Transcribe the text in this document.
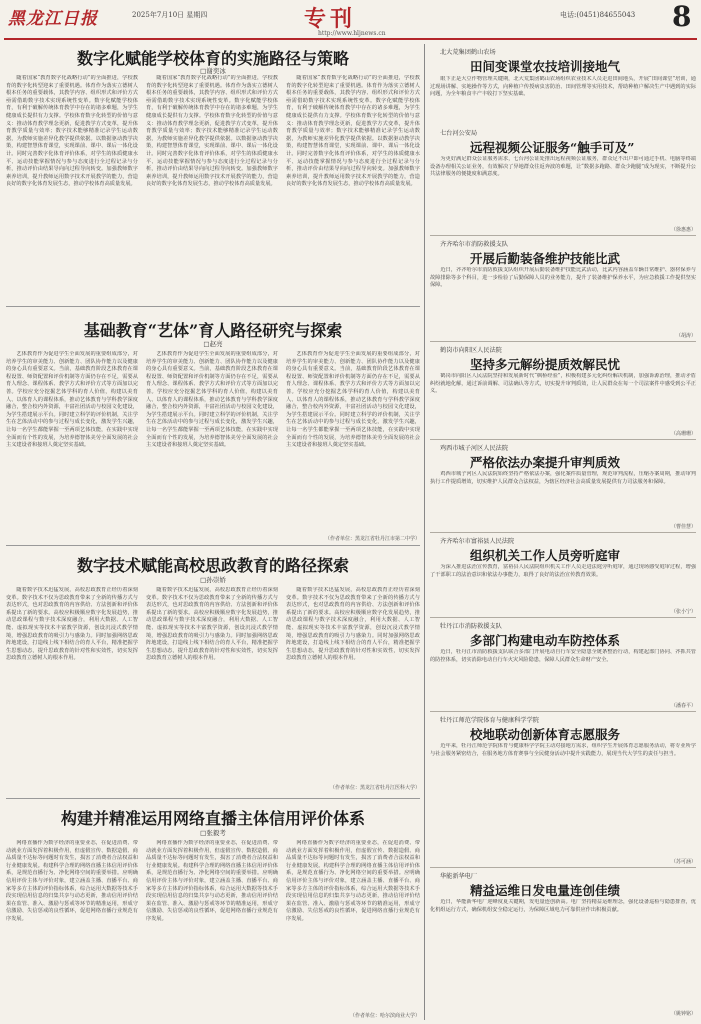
黑龙江日报	2025年7月10日 星期四	专刊
http://www.hljnews.cn
电话:(0451)84655043 8
数字化赋能学校体育的实施路径与策略
□谢奕冰
随着国家“教育数字化战略行动”的全面推进，学校教育的数字化转型迎来了重要机遇。体育作为落实立德树人根本任务的重要载体，其教学内容、组织形式和评价方式亟需借助数字技术实现系统性变革。数字化赋能学校体育，有利于破解传统体育教学中存在的诸多难题，为学生健康成长提供有力支撑。学校体育数字化转型的价值与意义：推动体育教学理念更新，促进教学方式变革，提升体育教学质量与效率；数字技术能够精准记录学生运动数据，为教师实施差异化教学提供依据。以数据驱动教学决策，构建智慧体育课堂，实现课前、课中、课后一体化设计。同时完善数字化体育评价体系，对学生的体质健康水平、运动技能掌握情况与参与态度进行全过程记录与分析，推动评价由结果导向向过程导向转变。加强教师数字素养培训，提升教师运用数字技术开展教学的能力，营造良好的数字化体育发展生态，推动学校体育高质量发展。
随着国家“教育数字化战略行动”的全面推进，学校教育的数字化转型迎来了重要机遇。体育作为落实立德树人根本任务的重要载体，其教学内容、组织形式和评价方式亟需借助数字技术实现系统性变革。数字化赋能学校体育，有利于破解传统体育教学中存在的诸多难题，为学生健康成长提供有力支撑。学校体育数字化转型的价值与意义：推动体育教学理念更新，促进教学方式变革，提升体育教学质量与效率；数字技术能够精准记录学生运动数据，为教师实施差异化教学提供依据。以数据驱动教学决策，构建智慧体育课堂，实现课前、课中、课后一体化设计。同时完善数字化体育评价体系，对学生的体质健康水平、运动技能掌握情况与参与态度进行全过程记录与分析，推动评价由结果导向向过程导向转变。加强教师数字素养培训，提升教师运用数字技术开展教学的能力，营造良好的数字化体育发展生态，推动学校体育高质量发展。
随着国家“教育数字化战略行动”的全面推进，学校教育的数字化转型迎来了重要机遇。体育作为落实立德树人根本任务的重要载体，其教学内容、组织形式和评价方式亟需借助数字技术实现系统性变革。数字化赋能学校体育，有利于破解传统体育教学中存在的诸多难题，为学生健康成长提供有力支撑。学校体育数字化转型的价值与意义：推动体育教学理念更新，促进教学方式变革，提升体育教学质量与效率；数字技术能够精准记录学生运动数据，为教师实施差异化教学提供依据。以数据驱动教学决策，构建智慧体育课堂，实现课前、课中、课后一体化设计。同时完善数字化体育评价体系，对学生的体质健康水平、运动技能掌握情况与参与态度进行全过程记录与分析，推动评价由结果导向向过程导向转变。加强教师数字素养培训，提升教师运用数字技术开展教学的能力，营造良好的数字化体育发展生态，推动学校体育高质量发展。
基础教育“艺体”育人路径研究与探索
□赵亮
艺体教育作为促进学生全面发展的重要组成部分，对培养学生的审美能力、创新能力、团队协作能力以及健康的身心具有重要意义。当前，基础教育阶段艺体教育在课程设置、师资配置和评价机制等方面仍存在不足，需要从育人理念、课程体系、教学方式和评价方式等方面加以完善。学校应充分挖掘艺体学科的育人价值，构建以美育人、以体育人的课程体系，推动艺体教育与学科教学深度融合，整合校内外资源，丰富社团活动与校园文化建设，为学生搭建展示平台。同时建立科学的评价机制，关注学生在艺体活动中的参与过程与成长变化，激发学生兴趣，让每一名学生都能掌握一至两项艺体技能，在实践中实现全面而有个性的发展，为培养德智体美劳全面发展的社会主义建设者和接班人奠定坚实基础。
艺体教育作为促进学生全面发展的重要组成部分，对培养学生的审美能力、创新能力、团队协作能力以及健康的身心具有重要意义。当前，基础教育阶段艺体教育在课程设置、师资配置和评价机制等方面仍存在不足，需要从育人理念、课程体系、教学方式和评价方式等方面加以完善。学校应充分挖掘艺体学科的育人价值，构建以美育人、以体育人的课程体系，推动艺体教育与学科教学深度融合，整合校内外资源，丰富社团活动与校园文化建设，为学生搭建展示平台。同时建立科学的评价机制，关注学生在艺体活动中的参与过程与成长变化，激发学生兴趣，让每一名学生都能掌握一至两项艺体技能，在实践中实现全面而有个性的发展，为培养德智体美劳全面发展的社会主义建设者和接班人奠定坚实基础。
艺体教育作为促进学生全面发展的重要组成部分，对培养学生的审美能力、创新能力、团队协作能力以及健康的身心具有重要意义。当前，基础教育阶段艺体教育在课程设置、师资配置和评价机制等方面仍存在不足，需要从育人理念、课程体系、教学方式和评价方式等方面加以完善。学校应充分挖掘艺体学科的育人价值，构建以美育人、以体育人的课程体系，推动艺体教育与学科教学深度融合，整合校内外资源，丰富社团活动与校园文化建设，为学生搭建展示平台。同时建立科学的评价机制，关注学生在艺体活动中的参与过程与成长变化，激发学生兴趣，让每一名学生都能掌握一至两项艺体技能，在实践中实现全面而有个性的发展，为培养德智体美劳全面发展的社会主义建设者和接班人奠定坚实基础。
（作者单位：黑龙江省牡丹江市第二中学）
数字技术赋能高校思政教育的路径探索
□孙崇娇
随着数字技术迅猛发展，高校思政教育正经历着深刻变革。数字技术不仅为思政教育带来了全新的传播方式与表达形式，也对思政教育的内容供给、方法创新和评价体系提出了新的要求。高校应积极顺应数字化发展趋势，推动思政课程与数字技术深度融合，利用大数据、人工智能、虚拟现实等技术丰富教学资源，创设沉浸式教学情境，增强思政教育的吸引力与感染力。同时加强网络思政阵地建设，打造线上线下相结合的育人平台，精准把握学生思想动态，提升思政教育的针对性和实效性，切实发挥思政教育立德树人的根本作用。
随着数字技术迅猛发展，高校思政教育正经历着深刻变革。数字技术不仅为思政教育带来了全新的传播方式与表达形式，也对思政教育的内容供给、方法创新和评价体系提出了新的要求。高校应积极顺应数字化发展趋势，推动思政课程与数字技术深度融合，利用大数据、人工智能、虚拟现实等技术丰富教学资源，创设沉浸式教学情境，增强思政教育的吸引力与感染力。同时加强网络思政阵地建设，打造线上线下相结合的育人平台，精准把握学生思想动态，提升思政教育的针对性和实效性，切实发挥思政教育立德树人的根本作用。
随着数字技术迅猛发展，高校思政教育正经历着深刻变革。数字技术不仅为思政教育带来了全新的传播方式与表达形式，也对思政教育的内容供给、方法创新和评价体系提出了新的要求。高校应积极顺应数字化发展趋势，推动思政课程与数字技术深度融合，利用大数据、人工智能、虚拟现实等技术丰富教学资源，创设沉浸式教学情境，增强思政教育的吸引力与感染力。同时加强网络思政阵地建设，打造线上线下相结合的育人平台，精准把握学生思想动态，提升思政教育的针对性和实效性，切实发挥思政教育立德树人的根本作用。
（作者单位：黑龙江省牡丹江医科大学）
构建并精准运用网络直播主体信用评价体系
□张毅考
网络直播作为数字经济的重要业态，在促进消费、带动就业方面发挥着积极作用，但虚假宣传、数据造假、商品质量不达标等问题时有发生，损害了消费者合法权益和行业健康发展。构建科学合理的网络直播主体信用评价体系，是规范直播行为、净化网络空间的重要举措。应明确信用评价主体与评价对象，建立涵盖主播、直播平台、商家等多方主体的评价指标体系，综合运用大数据等技术手段实现信用信息的归集共享与动态更新，推动信用评价结果在监管、准入、激励与惩戒等环节的精准运用，形成守信激励、失信惩戒的良性循环，促进网络直播行业规范有序发展。
网络直播作为数字经济的重要业态，在促进消费、带动就业方面发挥着积极作用，但虚假宣传、数据造假、商品质量不达标等问题时有发生，损害了消费者合法权益和行业健康发展。构建科学合理的网络直播主体信用评价体系，是规范直播行为、净化网络空间的重要举措。应明确信用评价主体与评价对象，建立涵盖主播、直播平台、商家等多方主体的评价指标体系，综合运用大数据等技术手段实现信用信息的归集共享与动态更新，推动信用评价结果在监管、准入、激励与惩戒等环节的精准运用，形成守信激励、失信惩戒的良性循环，促进网络直播行业规范有序发展。
网络直播作为数字经济的重要业态，在促进消费、带动就业方面发挥着积极作用，但虚假宣传、数据造假、商品质量不达标等问题时有发生，损害了消费者合法权益和行业健康发展。构建科学合理的网络直播主体信用评价体系，是规范直播行为、净化网络空间的重要举措。应明确信用评价主体与评价对象，建立涵盖主播、直播平台、商家等多方主体的评价指标体系，综合运用大数据等技术手段实现信用信息的归集共享与动态更新，推动信用评价结果在监管、准入、激励与惩戒等环节的精准运用，形成守信激励、失信惩戒的良性循环，促进网络直播行业规范有序发展。
（作者单位：哈尔滨商业大学）
北大荒集团鹤山农场
田间变课堂农技培训接地气
眼下正是大豆作物管理关键期，北大荒集团鹤山农场组织农业技术人员走进田间地头，开展“田间课堂”培训，通过现场讲解、实地操作等方式，向种植户传授病虫害防治、田间管理等实用技术，帮助种植户解决生产中遇到的实际问题，为全年粮食丰产丰收打下坚实基础。
七台河公安局
远程视频公证服务“触手可及”
为更好满足群众公证服务需求，七台河公证处推出远程视频公证服务，群众足不出户即可通过手机、电脑等终端设备办理相关公证业务，有效解决了异地群众往返奔波的难题，让“数据多跑路、群众少跑腿”成为现实，不断提升公共法律服务的便捷度和满意度。
（徐惠惠）
齐齐哈尔市消防救援支队
开展后勤装备维护技能比武
近日，齐齐哈尔市消防救援支队组织开展后勤装备维护技能比武活动，比武内容涵盖车辆日常维护、器材保养与故障排除等多个科目，进一步检验了后勤保障人员的业务能力，提升了装备维护保养水平，为应急救援工作提供坚实保障。
（胡涛）
鹤岗市向阳区人民法院
坚持多元解纷提质效解民忧
鹤岗市向阳区人民法院坚持和发展新时代“枫桥经验”，积极构建多元化纠纷解决机制，加强诉源治理，推动矛盾纠纷就地化解，通过诉前调解、司法确认等方式，切实提升审判质效，让人民群众在每一个司法案件中感受到公平正义。
（高珊珊）
鸡西市城子河区人民法院
严格依法办案提升审判质效
鸡西市城子河区人民法院始终坚持严格依法办案，强化案件质量管理，规范审判流程，压缩办案周期，推动审判执行工作提质增效，切实维护人民群众合法权益，为辖区经济社会高质量发展提供有力司法服务和保障。
（曹佳慧）
齐齐哈尔市富裕县人民法院
组织机关工作人员旁听庭审
为深入推进法治宣传教育，富裕县人民法院组织机关工作人员走进法庭旁听庭审，通过现场感受庭审过程，增强了干部职工的法治意识和依法办事能力，取得了良好的法治宣传教育效果。
（张小宁）
牡丹江市消防救援支队
多部门构建电动车防控体系
近日，牡丹江市消防救援支队联合多部门开展电动自行车安全隐患全链条整治行动，构建起部门协同、齐抓共管的防控体系，切实消除电动自行车火灾风险隐患，保障人民群众生命财产安全。
（潘春平）
牡丹江师范学院体育与健康科学学院
校地联动创新体育志愿服务
近年来，牡丹江师范学院体育与健康科学学院主动对接地方需求，组织学生开展体育志愿服务活动，将专业所学与社会服务紧密结合，在服务地方体育赛事与全民健身活动中提升实践能力，展现当代大学生的责任与担当。
（苏可涵）
华能新华电厂
精益运维日发电量连创佳绩
近日，华能新华电厂迎峰度夏关键期，发电量连创新高。电厂坚持精益运维理念，强化设备巡检与隐患排查，优化机组运行方式，确保机组安全稳定运行，为保障区域电力可靠供应作出积极贡献。
（姚钟铭）
